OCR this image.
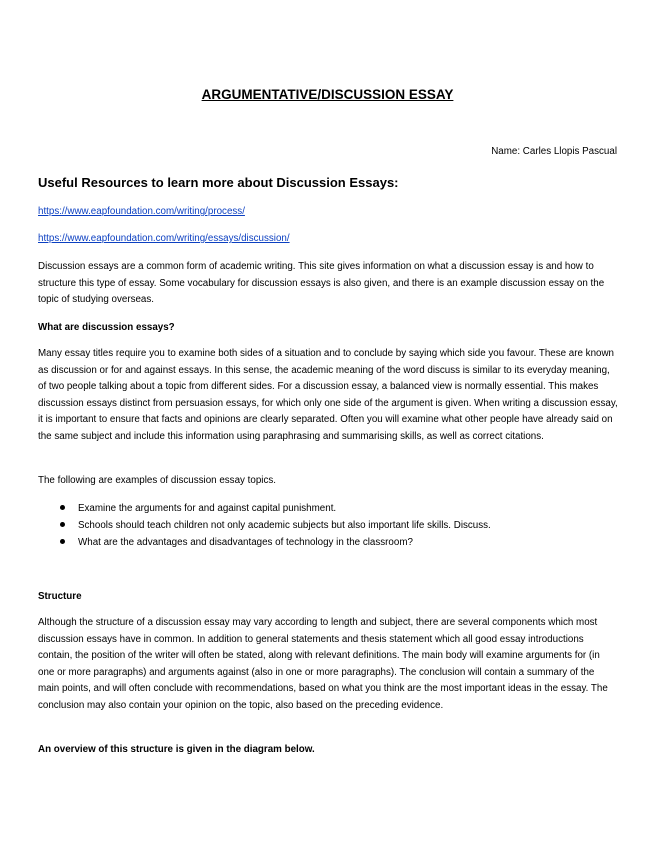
ARGUMENTATIVE/DISCUSSION ESSAY

Name: Carles Llopis Pascual

Useful Resources to learn more about Discussion Essays:
https://www.eapfoundation.com/writing/process/
https://www.eapfoundation.com/writing/essays/discussion/

Discussion essays are a common form of academic writing. This site gives information on what a discussion essay is and how to structure this type of essay. Some vocabulary for discussion essays is also given, and there is an example discussion essay on the topic of studying overseas.

What are discussion essays?

Many essay titles require you to examine both sides of a situation and to conclude by saying which side you favour. These are known as discussion or for and against essays. In this sense, the academic meaning of the word discuss is similar to its everyday meaning, of two people talking about a topic from different sides. For a discussion essay, a balanced view is normally essential. This makes discussion essays distinct from persuasion essays, for which only one side of the argument is given. When writing a discussion essay, it is important to ensure that facts and opinions are clearly separated. Often you will examine what other people have already said on the same subject and include this information using paraphrasing and summarising skills, as well as correct citations.

The following are examples of discussion essay topics.

Examine the arguments for and against capital punishment.
Schools should teach children not only academic subjects but also important life skills. Discuss.
What are the advantages and disadvantages of technology in the classroom?
Structure

Although the structure of a discussion essay may vary according to length and subject, there are several components which most discussion essays have in common. In addition to general statements and thesis statement which all good essay introductions contain, the position of the writer will often be stated, along with relevant definitions. The main body will examine arguments for (in one or more paragraphs) and arguments against (also in one or more paragraphs). The conclusion will contain a summary of the main points, and will often conclude with recommendations, based on what you think are the most important ideas in the essay. The conclusion may also contain your opinion on the topic, also based on the preceding evidence.

An overview of this structure is given in the diagram below.
